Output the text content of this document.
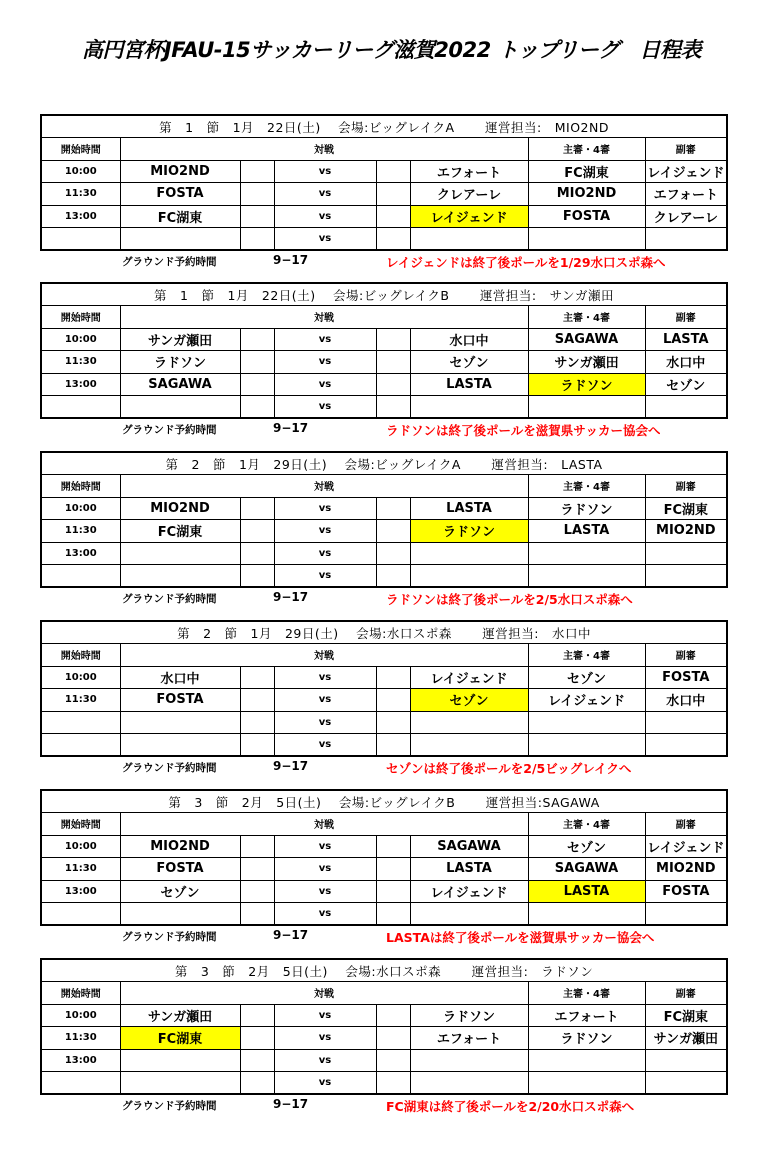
高円宮杯JFAU-15サッカーリーグ滋賀2022 トップリーグ　日程表
第　1　節　1月　22日(土)　 会場:ビッグレイクA　　 運営担当:　MIO2ND							
開始時間	対戦					主審・4審	副審
10:00	MIO2ND		vs		エフォート	FC湖東	レイジェンド
11:30	FOSTA		vs		クレアーレ	MIO2ND	エフォート
13:00	FC湖東		vs		レイジェンド	FOSTA	クレアーレ
			vs				
グラウンド予約時間	9−17	レイジェンドは終了後ポールを1/29水口スポ森へ
第　1　節　1月　22日(土)　 会場:ビッグレイクB　　 運営担当:　サンガ瀬田							
開始時間	対戦					主審・4審	副審
10:00	サンガ瀬田		vs		水口中	SAGAWA	LASTA
11:30	ラドソン		vs		セゾン	サンガ瀬田	水口中
13:00	SAGAWA		vs		LASTA	ラドソン	セゾン
			vs				
グラウンド予約時間	9−17	ラドソンは終了後ポールを滋賀県サッカー協会へ
第　2　節　1月　29日(土)　 会場:ビッグレイクA　　 運営担当:　LASTA							
開始時間	対戦					主審・4審	副審
10:00	MIO2ND		vs		LASTA	ラドソン	FC湖東
11:30	FC湖東		vs		ラドソン	LASTA	MIO2ND
13:00			vs				
			vs				
グラウンド予約時間	9−17	ラドソンは終了後ポールを2/5水口スポ森へ
第　2　節　1月　29日(土)　 会場:水口スポ森　　 運営担当:　水口中							
開始時間	対戦					主審・4審	副審
10:00	水口中		vs		レイジェンド	セゾン	FOSTA
11:30	FOSTA		vs		セゾン	レイジェンド	水口中
			vs				
			vs				
グラウンド予約時間	9−17	セゾンは終了後ポールを2/5ビッグレイクへ
第　3　節　2月　5日(土)　 会場:ビッグレイクB　　 運営担当:SAGAWA							
開始時間	対戦					主審・4審	副審
10:00	MIO2ND		vs		SAGAWA	セゾン	レイジェンド
11:30	FOSTA		vs		LASTA	SAGAWA	MIO2ND
13:00	セゾン		vs		レイジェンド	LASTA	FOSTA
			vs				
グラウンド予約時間	9−17	LASTAは終了後ポールを滋賀県サッカー協会へ
第　3　節　2月　5日(土)　 会場:水口スポ森　　 運営担当:　ラドソン							
開始時間	対戦					主審・4審	副審
10:00	サンガ瀬田		vs		ラドソン	エフォート	FC湖東
11:30	FC湖東		vs		エフォート	ラドソン	サンガ瀬田
13:00			vs				
			vs				
グラウンド予約時間	9−17	FC湖東は終了後ポールを2/20水口スポ森へ
